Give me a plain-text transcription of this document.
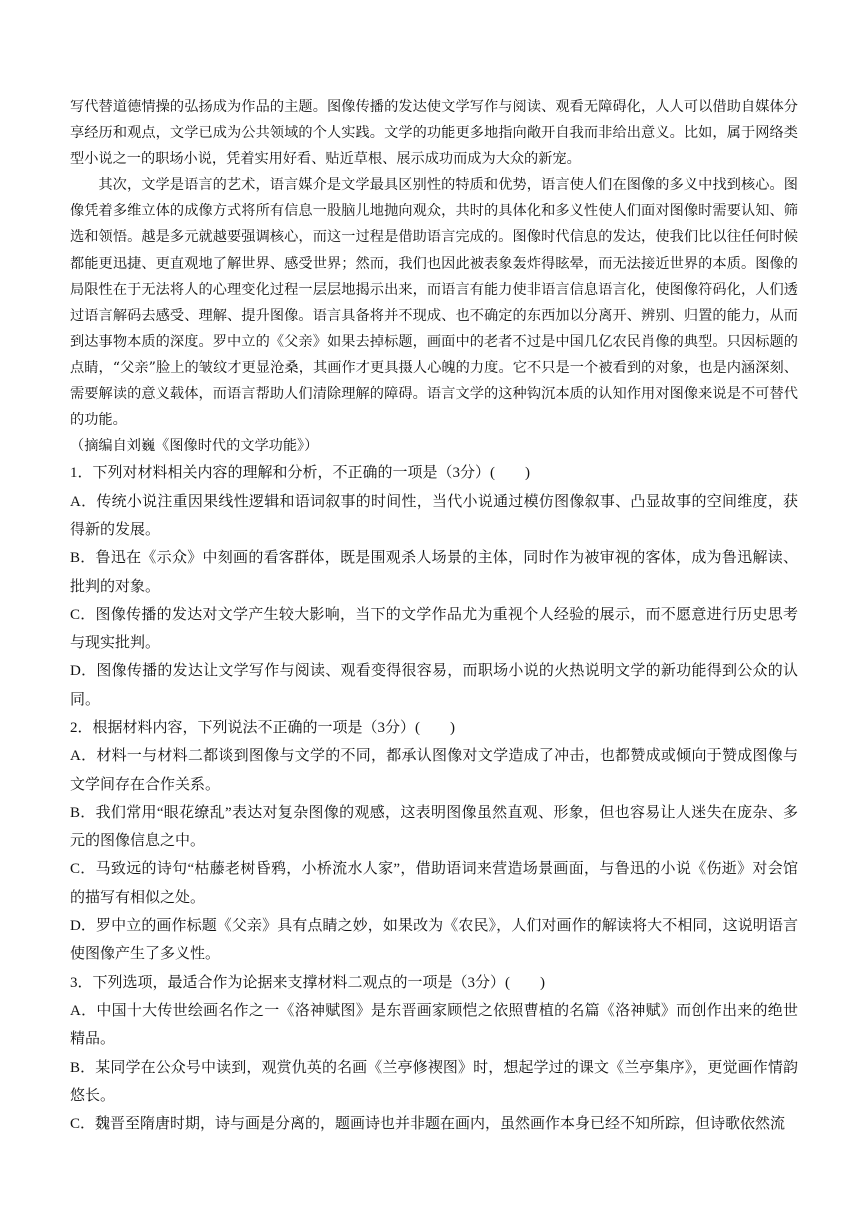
写代替道德情操的弘扬成为作品的主题。图像传播的发达使文学写作与阅读、观看无障碍化，人人可以借助自媒体分享经历和观点，文学已成为公共领域的个人实践。文学的功能更多地指向敞开自我而非给出意义。比如，属于网络类型小说之一的职场小说，凭着实用好看、贴近草根、展示成功而成为大众的新宠。

其次，文学是语言的艺术，语言媒介是文学最具区别性的特质和优势，语言使人们在图像的多义中找到核心。图像凭着多维立体的成像方式将所有信息一股脑儿地抛向观众，共时的具体化和多义性使人们面对图像时需要认知、筛选和领悟。越是多元就越要强调核心，而这一过程是借助语言完成的。图像时代信息的发达，使我们比以往任何时候都能更迅捷、更直观地了解世界、感受世界；然而，我们也因此被表象轰炸得眩晕，而无法接近世界的本质。图像的局限性在于无法将人的心理变化过程一层层地揭示出来，而语言有能力使非语言信息语言化，使图像符码化，人们透过语言解码去感受、理解、提升图像。语言具备将并不现成、也不确定的东西加以分离开、辨别、归置的能力，从而到达事物本质的深度。罗中立的《父亲》如果去掉标题，画面中的老者不过是中国几亿农民肖像的典型。只因标题的点睛，“父亲”脸上的皱纹才更显沧桑，其画作才更具摄人心魄的力度。它不只是一个被看到的对象，也是内涵深刻、需要解读的意义载体，而语言帮助人们清除理解的障碍。语言文学的这种钩沉本质的认知作用对图像来说是不可替代的功能。

（摘编自刘巍《图像时代的文学功能》）

1．下列对材料相关内容的理解和分析，不正确的一项是（3分）(　　)

A．传统小说注重因果线性逻辑和语词叙事的时间性，当代小说通过模仿图像叙事、凸显故事的空间维度，获得新的发展。

B．鲁迅在《示众》中刻画的看客群体，既是围观杀人场景的主体，同时作为被审视的客体，成为鲁迅解读、批判的对象。

C．图像传播的发达对文学产生较大影响，当下的文学作品尤为重视个人经验的展示，而不愿意进行历史思考与现实批判。

D．图像传播的发达让文学写作与阅读、观看变得很容易，而职场小说的火热说明文学的新功能得到公众的认同。

2．根据材料内容，下列说法不正确的一项是（3分）(　　)

A．材料一与材料二都谈到图像与文学的不同，都承认图像对文学造成了冲击，也都赞成或倾向于赞成图像与文学间存在合作关系。

B．我们常用“眼花缭乱”表达对复杂图像的观感，这表明图像虽然直观、形象，但也容易让人迷失在庞杂、多元的图像信息之中。

C．马致远的诗句“枯藤老树昏鸦，小桥流水人家”，借助语词来营造场景画面，与鲁迅的小说《伤逝》对会馆的描写有相似之处。

D．罗中立的画作标题《父亲》具有点睛之妙，如果改为《农民》，人们对画作的解读将大不相同，这说明语言使图像产生了多义性。

3．下列选项，最适合作为论据来支撑材料二观点的一项是（3分）(　　)

A．中国十大传世绘画名作之一《洛神赋图》是东晋画家顾恺之依照曹植的名篇《洛神赋》而创作出来的绝世精品。

B．某同学在公众号中读到，观赏仇英的名画《兰亭修禊图》时，想起学过的课文《兰亭集序》，更觉画作情韵悠长。

C．魏晋至隋唐时期，诗与画是分离的，题画诗也并非题在画内，虽然画作本身已经不知所踪，但诗歌依然流
